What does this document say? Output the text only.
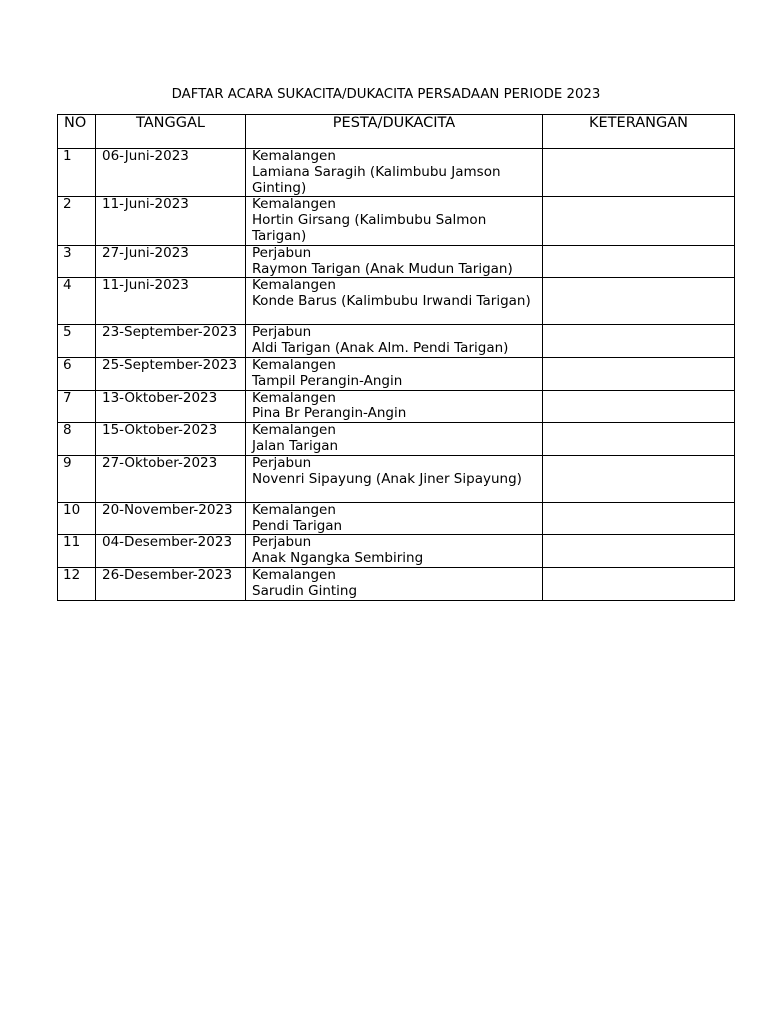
DAFTAR ACARA SUKACITA/DUKACITA PERSADAAN PERIODE 2023
NO	TANGGAL	PESTA/DUKACITA	KETERANGAN
1	06-Juni-2023	Kemalangen
Lamiana Saragih (Kalimbubu Jamson Ginting)	

2	11-Juni-2023	Kemalangen
Hortin Girsang (Kalimbubu Salmon Tarigan)	

3	27-Juni-2023	Perjabun
Raymon Tarigan (Anak Mudun Tarigan)	

4	11-Juni-2023	Kemalangen
Konde Barus (Kalimbubu Irwandi Tarigan)	

5	23-September-2023	Perjabun
Aldi Tarigan (Anak Alm. Pendi Tarigan)	

6	25-September-2023	Kemalangen
Tampil Perangin-Angin	

7	13-Oktober-2023	Kemalangen
Pina Br Perangin-Angin	

8	15-Oktober-2023	Kemalangen
Jalan Tarigan	

9	27-Oktober-2023	Perjabun
Novenri Sipayung (Anak Jiner Sipayung)	

10	20-November-2023	Kemalangen
Pendi Tarigan	

11	04-Desember-2023	Perjabun
Anak Ngangka Sembiring	

12	26-Desember-2023	Kemalangen
Sarudin Ginting	
